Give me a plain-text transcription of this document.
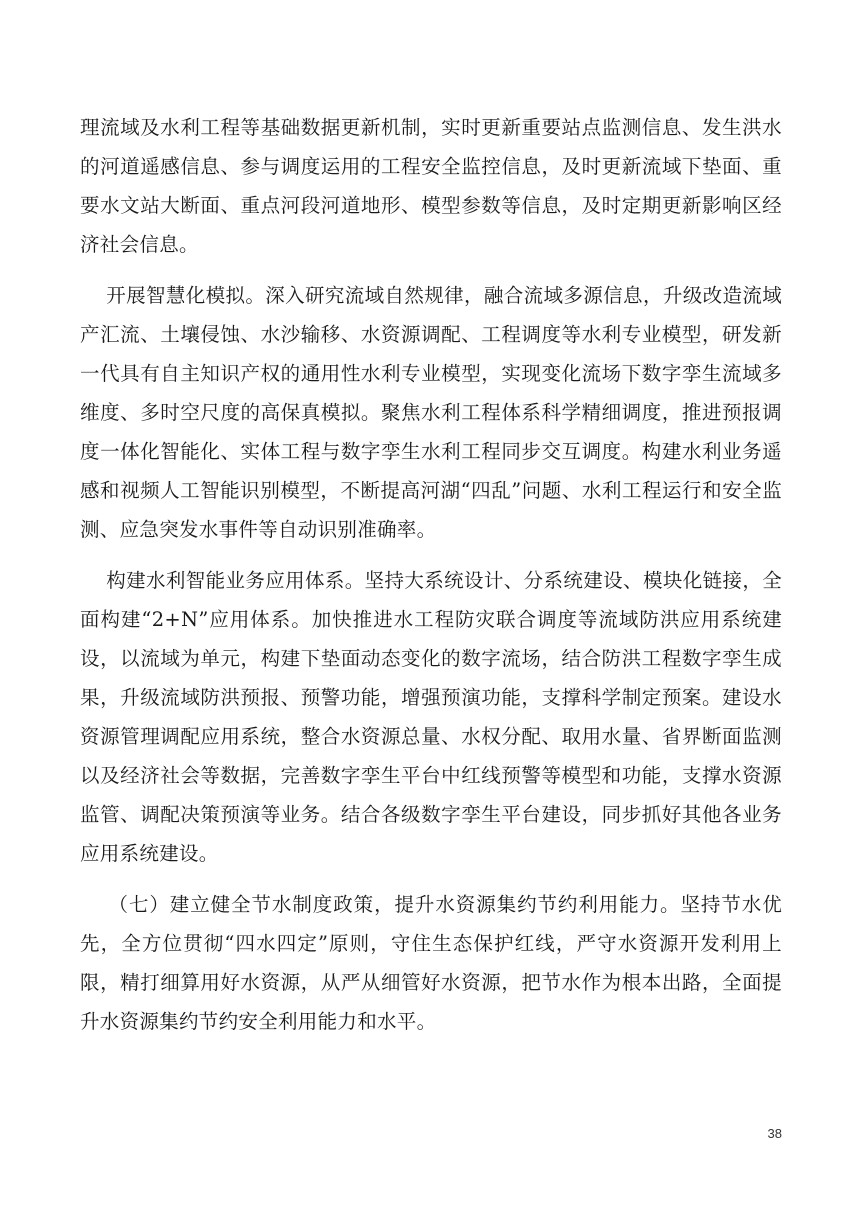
理流域及水利工程等基础数据更新机制，实时更新重要站点监测信息、发生洪水的河道遥感信息、参与调度运用的工程安全监控信息，及时更新流域下垫面、重要水文站大断面、重点河段河道地形、模型参数等信息，及时定期更新影响区经济社会信息。

开展智慧化模拟。深入研究流域自然规律，融合流域多源信息，升级改造流域产汇流、土壤侵蚀、水沙输移、水资源调配、工程调度等水利专业模型，研发新一代具有自主知识产权的通用性水利专业模型，实现变化流场下数字孪生流域多维度、多时空尺度的高保真模拟。聚焦水利工程体系科学精细调度，推进预报调度一体化智能化、实体工程与数字孪生水利工程同步交互调度。构建水利业务遥感和视频人工智能识别模型，不断提高河湖“四乱”问题、水利工程运行和安全监测、应急突发水事件等自动识别准确率。

构建水利智能业务应用体系。坚持大系统设计、分系统建设、模块化链接，全面构建“2+N”应用体系。加快推进水工程防灾联合调度等流域防洪应用系统建设，以流域为单元，构建下垫面动态变化的数字流场，结合防洪工程数字孪生成果，升级流域防洪预报、预警功能，增强预演功能，支撑科学制定预案。建设水资源管理调配应用系统，整合水资源总量、水权分配、取用水量、省界断面监测以及经济社会等数据，完善数字孪生平台中红线预警等模型和功能，支撑水资源监管、调配决策预演等业务。结合各级数字孪生平台建设，同步抓好其他各业务应用系统建设。

（七）建立健全节水制度政策，提升水资源集约节约利用能力。坚持节水优先，全方位贯彻“四水四定”原则，守住生态保护红线，严守水资源开发利用上限，精打细算用好水资源，从严从细管好水资源，把节水作为根本出路，全面提升水资源集约节约安全利用能力和水平。

38
